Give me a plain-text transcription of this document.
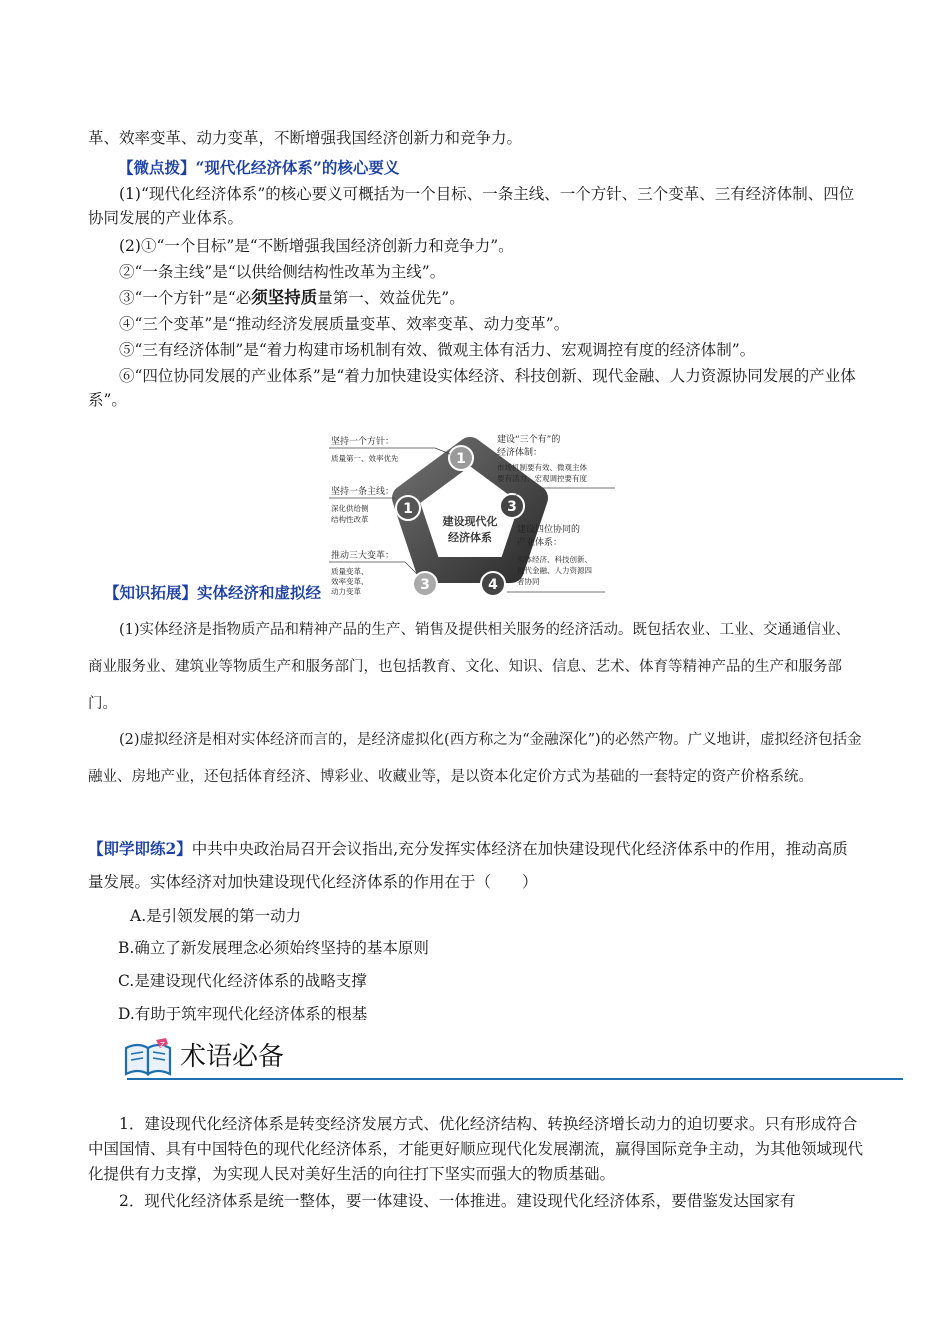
革、效率变革、动力变革，不断增强我国经济创新力和竞争力。

【微点拨】“现代化经济体系”的核心要义

(1)“现代化经济体系”的核心要义可概括为一个目标、一条主线、一个方针、三个变革、三有经济体制、四位协同发展的产业体系。

(2)①“一个目标”是“不断增强我国经济创新力和竞争力”。

②“一条主线”是“以供给侧结构性改革为主线”。

③“一个方针”是“必须坚持质量第一、效益优先”。

④“三个变革”是“推动经济发展质量变革、效率变革、动力变革”。

⑤“三有经济体制”是“着力构建市场机制有效、微观主体有活力、宏观调控有度的经济体制”。

⑥“四位协同发展的产业体系”是“着力加快建设实体经济、科技创新、现代金融、人力资源协同发展的产业体系”。

建设现代化经济体系
建设现代化
经济体系
1
1	3
4
3
坚持一个方针：
质量第一、效率优先
坚持一条主线：
深化供给侧
结构性改革
推动三大变革：
质量变革、
效率变革、
动力变革
建设“三个有”的
经济体制：
市场机制要有效、微观主体
要有活力、宏观调控要有度
建设四位协同的
产业体系：
实体经济、科技创新、
现代金融、人力资源四
者协同

【知识拓展】实体经济和虚拟经

(1)实体经济是指物质产品和精神产品的生产、销售及提供相关服务的经济活动。既包括农业、工业、交通通信业、商业服务业、建筑业等物质生产和服务部门，也包括教育、文化、知识、信息、艺术、体育等精神产品的生产和服务部门。

(2)虚拟经济是相对实体经济而言的，是经济虚拟化(西方称之为“金融深化”)的必然产物。广义地讲，虚拟经济包括金融业、房地产业，还包括体育经济、博彩业、收藏业等，是以资本化定价方式为基础的一套特定的资产价格系统。

【即学即练2】中共中央政治局召开会议指出,充分发挥实体经济在加快建设现代化经济体系中的作用，推动高质量发展。实体经济对加快建设现代化经济体系的作用在于（　　）

A.是引领发展的第一动力
B.确立了新发展理念必须始终坚持的基本原则
C.是建设现代化经济体系的战略支撑
D.有助于筑牢现代化经济体系的根基
Z 术语必备

1．建设现代化经济体系是转变经济发展方式、优化经济结构、转换经济增长动力的迫切要求。只有形成符合中国国情、具有中国特色的现代化经济体系，才能更好顺应现代化发展潮流，赢得国际竞争主动，为其他领域现代化提供有力支撑，为实现人民对美好生活的向往打下坚实而强大的物质基础。

2．现代化经济体系是统一整体，要一体建设、一体推进。建设现代化经济体系，要借鉴发达国家有
